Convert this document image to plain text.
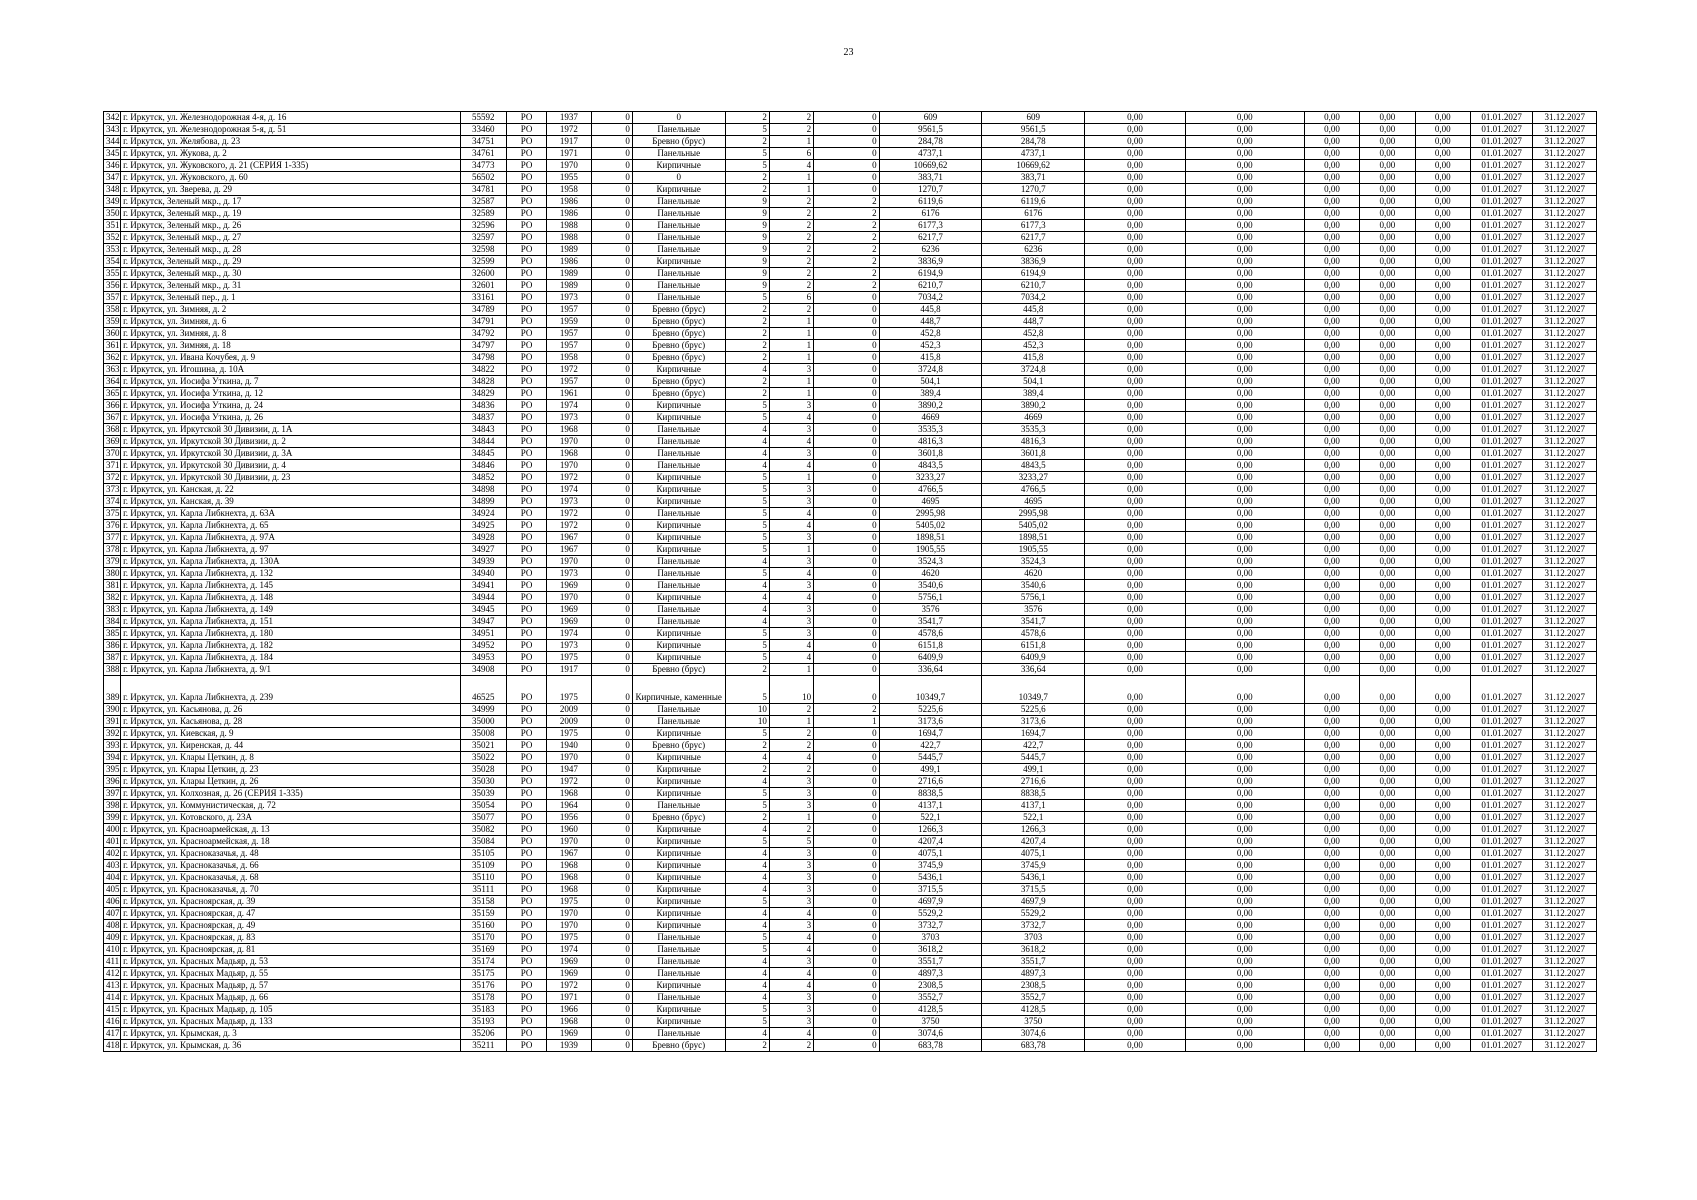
23
342	г. Иркутск, ул. Железнодорожная 4-я, д. 16	55592	РО	1937	0	0	2	2	0	609	609	0,00	0,00	0,00	0,00	0,00	01.01.2027	31.12.2027
343	г. Иркутск, ул. Железнодорожная 5-я, д. 51	33460	РО	1972	0	Панельные	5	2	0	9561,5	9561,5	0,00	0,00	0,00	0,00	0,00	01.01.2027	31.12.2027
344	г. Иркутск, ул. Желябова, д. 23	34751	РО	1917	0	Бревно (брус)	2	1	0	284,78	284,78	0,00	0,00	0,00	0,00	0,00	01.01.2027	31.12.2027
345	г. Иркутск, ул. Жукова, д. 2	34761	РО	1971	0	Панельные	5	6	0	4737,1	4737,1	0,00	0,00	0,00	0,00	0,00	01.01.2027	31.12.2027
346	г. Иркутск, ул. Жуковского, д. 21 (СЕРИЯ 1-335)	34773	РО	1970	0	Кирпичные	5	4	0	10669,62	10669,62	0,00	0,00	0,00	0,00	0,00	01.01.2027	31.12.2027
347	г. Иркутск, ул. Жуковского, д. 60	56502	РО	1955	0	0	2	1	0	383,71	383,71	0,00	0,00	0,00	0,00	0,00	01.01.2027	31.12.2027
348	г. Иркутск, ул. Зверева, д. 29	34781	РО	1958	0	Кирпичные	2	1	0	1270,7	1270,7	0,00	0,00	0,00	0,00	0,00	01.01.2027	31.12.2027
349	г. Иркутск, Зеленый мкр., д. 17	32587	РО	1986	0	Панельные	9	2	2	6119,6	6119,6	0,00	0,00	0,00	0,00	0,00	01.01.2027	31.12.2027
350	г. Иркутск, Зеленый мкр., д. 19	32589	РО	1986	0	Панельные	9	2	2	6176	6176	0,00	0,00	0,00	0,00	0,00	01.01.2027	31.12.2027
351	г. Иркутск, Зеленый мкр., д. 26	32596	РО	1988	0	Панельные	9	2	2	6177,3	6177,3	0,00	0,00	0,00	0,00	0,00	01.01.2027	31.12.2027
352	г. Иркутск, Зеленый мкр., д. 27	32597	РО	1988	0	Панельные	9	2	2	6217,7	6217,7	0,00	0,00	0,00	0,00	0,00	01.01.2027	31.12.2027
353	г. Иркутск, Зеленый мкр., д. 28	32598	РО	1989	0	Панельные	9	2	2	6236	6236	0,00	0,00	0,00	0,00	0,00	01.01.2027	31.12.2027
354	г. Иркутск, Зеленый мкр., д. 29	32599	РО	1986	0	Кирпичные	9	2	2	3836,9	3836,9	0,00	0,00	0,00	0,00	0,00	01.01.2027	31.12.2027
355	г. Иркутск, Зеленый мкр., д. 30	32600	РО	1989	0	Панельные	9	2	2	6194,9	6194,9	0,00	0,00	0,00	0,00	0,00	01.01.2027	31.12.2027
356	г. Иркутск, Зеленый мкр., д. 31	32601	РО	1989	0	Панельные	9	2	2	6210,7	6210,7	0,00	0,00	0,00	0,00	0,00	01.01.2027	31.12.2027
357	г. Иркутск, Зеленый пер., д. 1	33161	РО	1973	0	Панельные	5	6	0	7034,2	7034,2	0,00	0,00	0,00	0,00	0,00	01.01.2027	31.12.2027
358	г. Иркутск, ул. Зимняя, д. 2	34789	РО	1957	0	Бревно (брус)	2	2	0	445,8	445,8	0,00	0,00	0,00	0,00	0,00	01.01.2027	31.12.2027
359	г. Иркутск, ул. Зимняя, д. 6	34791	РО	1959	0	Бревно (брус)	2	1	0	448,7	448,7	0,00	0,00	0,00	0,00	0,00	01.01.2027	31.12.2027
360	г. Иркутск, ул. Зимняя, д. 8	34792	РО	1957	0	Бревно (брус)	2	1	0	452,8	452,8	0,00	0,00	0,00	0,00	0,00	01.01.2027	31.12.2027
361	г. Иркутск, ул. Зимняя, д. 18	34797	РО	1957	0	Бревно (брус)	2	1	0	452,3	452,3	0,00	0,00	0,00	0,00	0,00	01.01.2027	31.12.2027
362	г. Иркутск, ул. Ивана Кочубея, д. 9	34798	РО	1958	0	Бревно (брус)	2	1	0	415,8	415,8	0,00	0,00	0,00	0,00	0,00	01.01.2027	31.12.2027
363	г. Иркутск, ул. Игошина, д. 10А	34822	РО	1972	0	Кирпичные	4	3	0	3724,8	3724,8	0,00	0,00	0,00	0,00	0,00	01.01.2027	31.12.2027
364	г. Иркутск, ул. Иосифа Уткина, д. 7	34828	РО	1957	0	Бревно (брус)	2	1	0	504,1	504,1	0,00	0,00	0,00	0,00	0,00	01.01.2027	31.12.2027
365	г. Иркутск, ул. Иосифа Уткина, д. 12	34829	РО	1961	0	Бревно (брус)	2	1	0	389,4	389,4	0,00	0,00	0,00	0,00	0,00	01.01.2027	31.12.2027
366	г. Иркутск, ул. Иосифа Уткина, д. 24	34836	РО	1974	0	Кирпичные	5	3	0	3890,2	3890,2	0,00	0,00	0,00	0,00	0,00	01.01.2027	31.12.2027
367	г. Иркутск, ул. Иосифа Уткина, д. 26	34837	РО	1973	0	Кирпичные	5	4	0	4669	4669	0,00	0,00	0,00	0,00	0,00	01.01.2027	31.12.2027
368	г. Иркутск, ул. Иркутской 30 Дивизии, д. 1А	34843	РО	1968	0	Панельные	4	3	0	3535,3	3535,3	0,00	0,00	0,00	0,00	0,00	01.01.2027	31.12.2027
369	г. Иркутск, ул. Иркутской 30 Дивизии, д. 2	34844	РО	1970	0	Панельные	4	4	0	4816,3	4816,3	0,00	0,00	0,00	0,00	0,00	01.01.2027	31.12.2027
370	г. Иркутск, ул. Иркутской 30 Дивизии, д. 3А	34845	РО	1968	0	Панельные	4	3	0	3601,8	3601,8	0,00	0,00	0,00	0,00	0,00	01.01.2027	31.12.2027
371	г. Иркутск, ул. Иркутской 30 Дивизии, д. 4	34846	РО	1970	0	Панельные	4	4	0	4843,5	4843,5	0,00	0,00	0,00	0,00	0,00	01.01.2027	31.12.2027
372	г. Иркутск, ул. Иркутской 30 Дивизии, д. 23	34852	РО	1972	0	Кирпичные	5	1	0	3233,27	3233,27	0,00	0,00	0,00	0,00	0,00	01.01.2027	31.12.2027
373	г. Иркутск, ул. Канская, д. 22	34898	РО	1974	0	Кирпичные	5	3	0	4766,5	4766,5	0,00	0,00	0,00	0,00	0,00	01.01.2027	31.12.2027
374	г. Иркутск, ул. Канская, д. 39	34899	РО	1973	0	Кирпичные	5	3	0	4695	4695	0,00	0,00	0,00	0,00	0,00	01.01.2027	31.12.2027
375	г. Иркутск, ул. Карла Либкнехта, д. 63А	34924	РО	1972	0	Панельные	5	4	0	2995,98	2995,98	0,00	0,00	0,00	0,00	0,00	01.01.2027	31.12.2027
376	г. Иркутск, ул. Карла Либкнехта, д. 65	34925	РО	1972	0	Кирпичные	5	4	0	5405,02	5405,02	0,00	0,00	0,00	0,00	0,00	01.01.2027	31.12.2027
377	г. Иркутск, ул. Карла Либкнехта, д. 97А	34928	РО	1967	0	Кирпичные	5	3	0	1898,51	1898,51	0,00	0,00	0,00	0,00	0,00	01.01.2027	31.12.2027
378	г. Иркутск, ул. Карла Либкнехта, д. 97	34927	РО	1967	0	Кирпичные	5	1	0	1905,55	1905,55	0,00	0,00	0,00	0,00	0,00	01.01.2027	31.12.2027
379	г. Иркутск, ул. Карла Либкнехта, д. 130А	34939	РО	1970	0	Панельные	4	3	0	3524,3	3524,3	0,00	0,00	0,00	0,00	0,00	01.01.2027	31.12.2027
380	г. Иркутск, ул. Карла Либкнехта, д. 132	34940	РО	1973	0	Панельные	5	4	0	4620	4620	0,00	0,00	0,00	0,00	0,00	01.01.2027	31.12.2027
381	г. Иркутск, ул. Карла Либкнехта, д. 145	34941	РО	1969	0	Панельные	4	3	0	3540,6	3540,6	0,00	0,00	0,00	0,00	0,00	01.01.2027	31.12.2027
382	г. Иркутск, ул. Карла Либкнехта, д. 148	34944	РО	1970	0	Кирпичные	4	4	0	5756,1	5756,1	0,00	0,00	0,00	0,00	0,00	01.01.2027	31.12.2027
383	г. Иркутск, ул. Карла Либкнехта, д. 149	34945	РО	1969	0	Панельные	4	3	0	3576	3576	0,00	0,00	0,00	0,00	0,00	01.01.2027	31.12.2027
384	г. Иркутск, ул. Карла Либкнехта, д. 151	34947	РО	1969	0	Панельные	4	3	0	3541,7	3541,7	0,00	0,00	0,00	0,00	0,00	01.01.2027	31.12.2027
385	г. Иркутск, ул. Карла Либкнехта, д. 180	34951	РО	1974	0	Кирпичные	5	3	0	4578,6	4578,6	0,00	0,00	0,00	0,00	0,00	01.01.2027	31.12.2027
386	г. Иркутск, ул. Карла Либкнехта, д. 182	34952	РО	1973	0	Кирпичные	5	4	0	6151,8	6151,8	0,00	0,00	0,00	0,00	0,00	01.01.2027	31.12.2027
387	г. Иркутск, ул. Карла Либкнехта, д. 184	34953	РО	1975	0	Кирпичные	5	4	0	6409,9	6409,9	0,00	0,00	0,00	0,00	0,00	01.01.2027	31.12.2027
388	г. Иркутск, ул. Карла Либкнехта, д. 9/1	34908	РО	1917	0	Бревно (брус)	2	1	0	336,64	336,64	0,00	0,00	0,00	0,00	0,00	01.01.2027	31.12.2027
389	г. Иркутск, ул. Карла Либкнехта, д. 239	46525	РО	1975	0	Кирпичные, каменные	5	10	0	10349,7	10349,7	0,00	0,00	0,00	0,00	0,00	01.01.2027	31.12.2027
390	г. Иркутск, ул. Касьянова, д. 26	34999	РО	2009	0	Панельные	10	2	2	5225,6	5225,6	0,00	0,00	0,00	0,00	0,00	01.01.2027	31.12.2027
391	г. Иркутск, ул. Касьянова, д. 28	35000	РО	2009	0	Панельные	10	1	1	3173,6	3173,6	0,00	0,00	0,00	0,00	0,00	01.01.2027	31.12.2027
392	г. Иркутск, ул. Киевская, д. 9	35008	РО	1975	0	Кирпичные	5	2	0	1694,7	1694,7	0,00	0,00	0,00	0,00	0,00	01.01.2027	31.12.2027
393	г. Иркутск, ул. Киренская, д. 44	35021	РО	1940	0	Бревно (брус)	2	2	0	422,7	422,7	0,00	0,00	0,00	0,00	0,00	01.01.2027	31.12.2027
394	г. Иркутск, ул. Клары Цеткин, д. 8	35022	РО	1970	0	Кирпичные	4	4	0	5445,7	5445,7	0,00	0,00	0,00	0,00	0,00	01.01.2027	31.12.2027
395	г. Иркутск, ул. Клары Цеткин, д. 23	35028	РО	1947	0	Кирпичные	2	2	0	499,1	499,1	0,00	0,00	0,00	0,00	0,00	01.01.2027	31.12.2027
396	г. Иркутск, ул. Клары Цеткин, д. 26	35030	РО	1972	0	Кирпичные	4	3	0	2716,6	2716,6	0,00	0,00	0,00	0,00	0,00	01.01.2027	31.12.2027
397	г. Иркутск, ул. Колхозная, д. 26 (СЕРИЯ 1-335)	35039	РО	1968	0	Кирпичные	5	3	0	8838,5	8838,5	0,00	0,00	0,00	0,00	0,00	01.01.2027	31.12.2027
398	г. Иркутск, ул. Коммунистическая, д. 72	35054	РО	1964	0	Панельные	5	3	0	4137,1	4137,1	0,00	0,00	0,00	0,00	0,00	01.01.2027	31.12.2027
399	г. Иркутск, ул. Котовского, д. 23А	35077	РО	1956	0	Бревно (брус)	2	1	0	522,1	522,1	0,00	0,00	0,00	0,00	0,00	01.01.2027	31.12.2027
400	г. Иркутск, ул. Красноармейская, д. 13	35082	РО	1960	0	Кирпичные	4	2	0	1266,3	1266,3	0,00	0,00	0,00	0,00	0,00	01.01.2027	31.12.2027
401	г. Иркутск, ул. Красноармейская, д. 18	35084	РО	1970	0	Кирпичные	5	5	0	4207,4	4207,4	0,00	0,00	0,00	0,00	0,00	01.01.2027	31.12.2027
402	г. Иркутск, ул. Красноказачья, д. 48	35105	РО	1967	0	Кирпичные	4	3	0	4075,1	4075,1	0,00	0,00	0,00	0,00	0,00	01.01.2027	31.12.2027
403	г. Иркутск, ул. Красноказачья, д. 66	35109	РО	1968	0	Кирпичные	4	3	0	3745,9	3745,9	0,00	0,00	0,00	0,00	0,00	01.01.2027	31.12.2027
404	г. Иркутск, ул. Красноказачья, д. 68	35110	РО	1968	0	Кирпичные	4	3	0	5436,1	5436,1	0,00	0,00	0,00	0,00	0,00	01.01.2027	31.12.2027
405	г. Иркутск, ул. Красноказачья, д. 70	35111	РО	1968	0	Кирпичные	4	3	0	3715,5	3715,5	0,00	0,00	0,00	0,00	0,00	01.01.2027	31.12.2027
406	г. Иркутск, ул. Красноярская, д. 39	35158	РО	1975	0	Кирпичные	5	3	0	4697,9	4697,9	0,00	0,00	0,00	0,00	0,00	01.01.2027	31.12.2027
407	г. Иркутск, ул. Красноярская, д. 47	35159	РО	1970	0	Кирпичные	4	4	0	5529,2	5529,2	0,00	0,00	0,00	0,00	0,00	01.01.2027	31.12.2027
408	г. Иркутск, ул. Красноярская, д. 49	35160	РО	1970	0	Кирпичные	4	3	0	3732,7	3732,7	0,00	0,00	0,00	0,00	0,00	01.01.2027	31.12.2027
409	г. Иркутск, ул. Красноярская, д. 83	35170	РО	1975	0	Панельные	5	4	0	3703	3703	0,00	0,00	0,00	0,00	0,00	01.01.2027	31.12.2027
410	г. Иркутск, ул. Красноярская, д. 81	35169	РО	1974	0	Панельные	5	4	0	3618,2	3618,2	0,00	0,00	0,00	0,00	0,00	01.01.2027	31.12.2027
411	г. Иркутск, ул. Красных Мадьяр, д. 53	35174	РО	1969	0	Панельные	4	3	0	3551,7	3551,7	0,00	0,00	0,00	0,00	0,00	01.01.2027	31.12.2027
412	г. Иркутск, ул. Красных Мадьяр, д. 55	35175	РО	1969	0	Панельные	4	4	0	4897,3	4897,3	0,00	0,00	0,00	0,00	0,00	01.01.2027	31.12.2027
413	г. Иркутск, ул. Красных Мадьяр, д. 57	35176	РО	1972	0	Кирпичные	4	4	0	2308,5	2308,5	0,00	0,00	0,00	0,00	0,00	01.01.2027	31.12.2027
414	г. Иркутск, ул. Красных Мадьяр, д. 66	35178	РО	1971	0	Панельные	4	3	0	3552,7	3552,7	0,00	0,00	0,00	0,00	0,00	01.01.2027	31.12.2027
415	г. Иркутск, ул. Красных Мадьяр, д. 105	35183	РО	1966	0	Кирпичные	5	3	0	4128,5	4128,5	0,00	0,00	0,00	0,00	0,00	01.01.2027	31.12.2027
416	г. Иркутск, ул. Красных Мадьяр, д. 133	35193	РО	1968	0	Кирпичные	5	3	0	3750	3750	0,00	0,00	0,00	0,00	0,00	01.01.2027	31.12.2027
417	г. Иркутск, ул. Крымская, д. 3	35206	РО	1969	0	Панельные	4	4	0	3074,6	3074,6	0,00	0,00	0,00	0,00	0,00	01.01.2027	31.12.2027
418	г. Иркутск, ул. Крымская, д. 36	35211	РО	1939	0	Бревно (брус)	2	2	0	683,78	683,78	0,00	0,00	0,00	0,00	0,00	01.01.2027	31.12.2027
